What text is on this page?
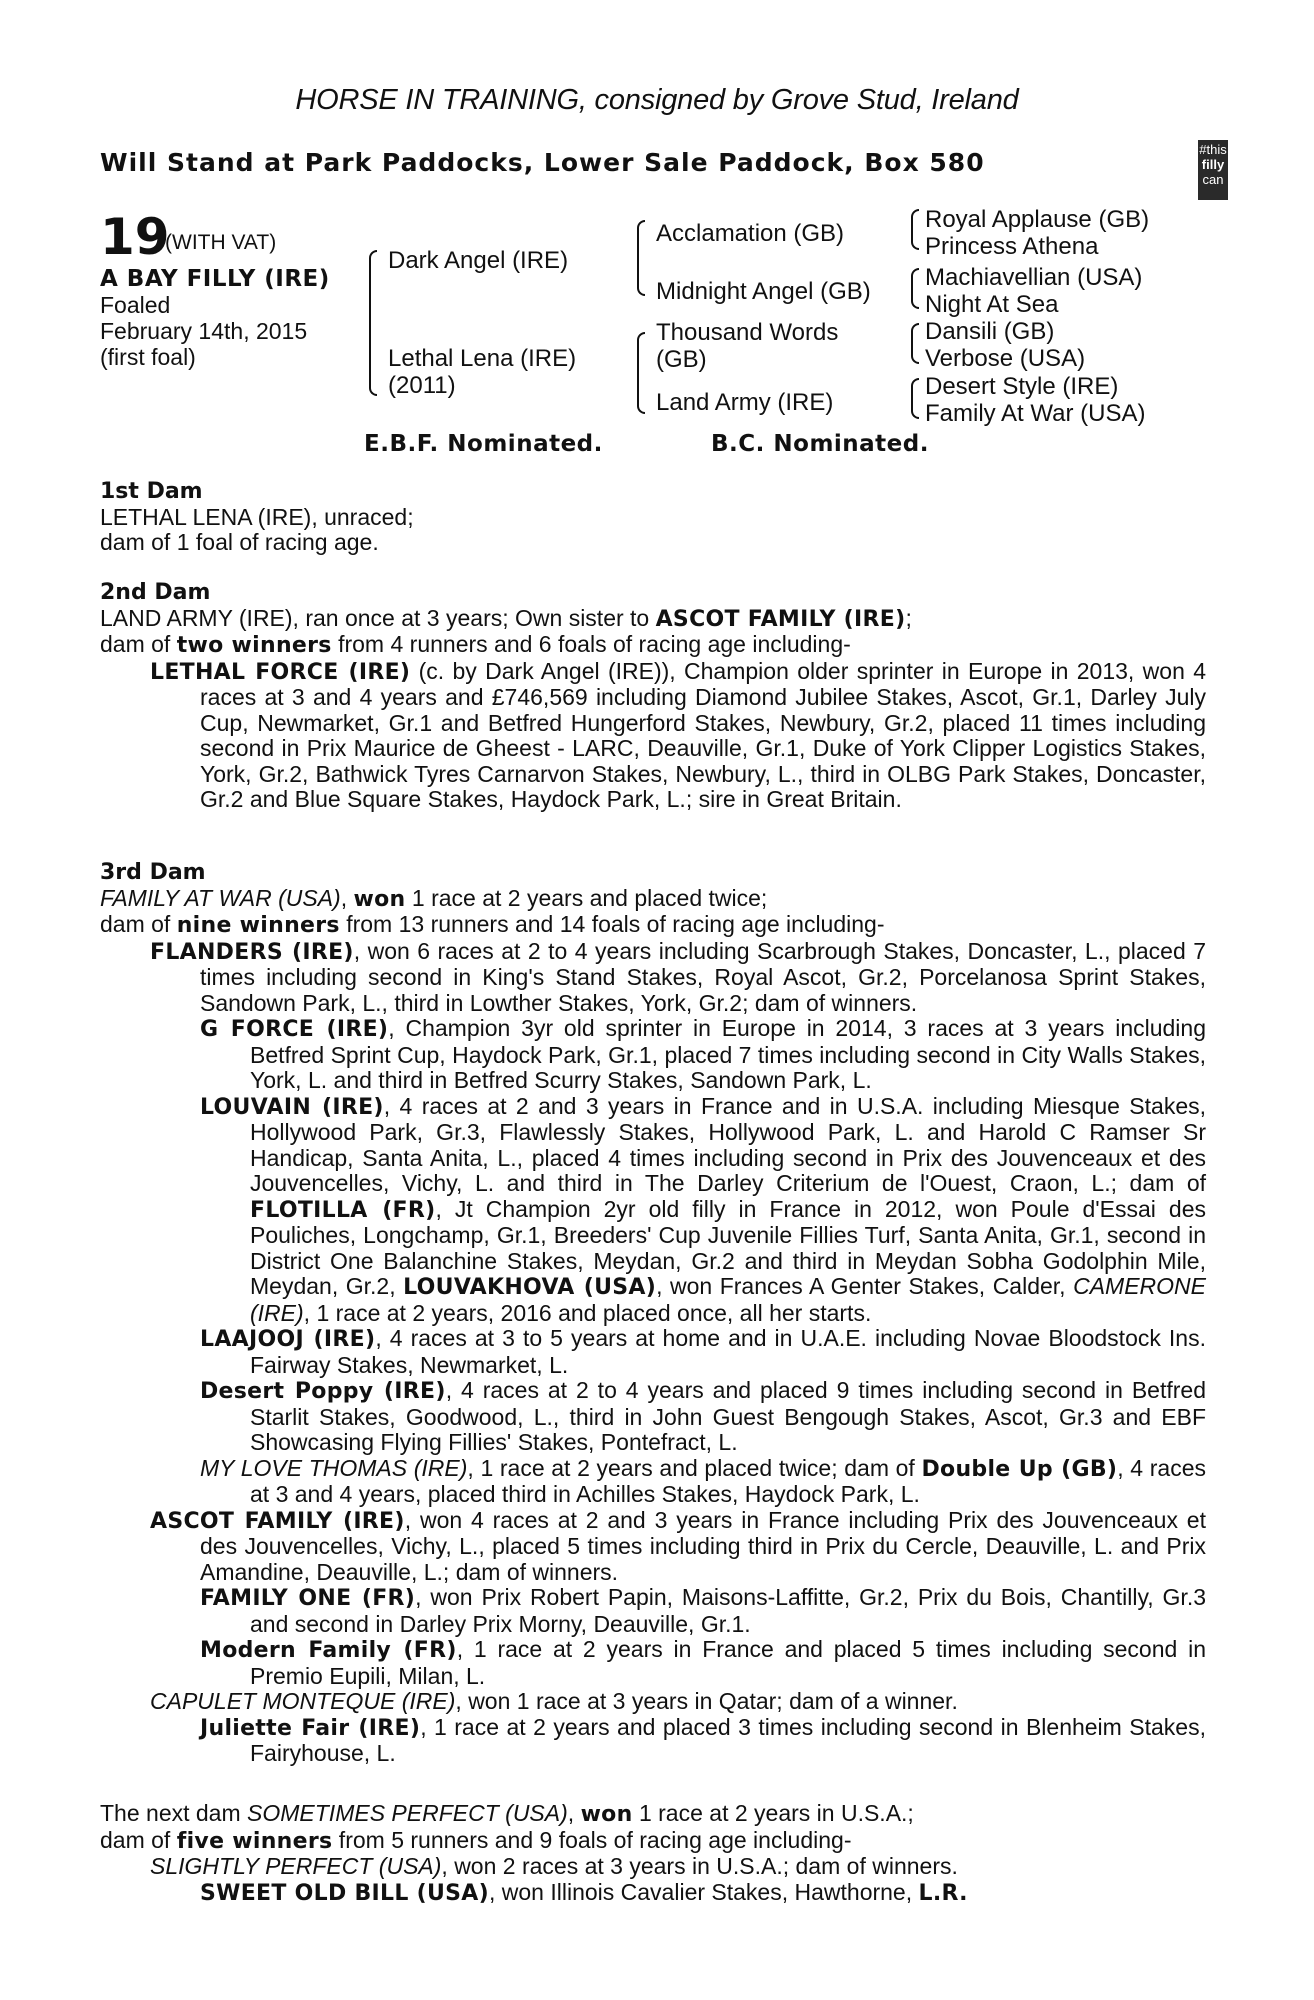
HORSE IN TRAINING, consigned by Grove Stud, Ireland
Will Stand at Park Paddocks, Lower Sale Paddock, Box 580	#this
filly
can
19
(WITH VAT)
A BAY FILLY (IRE)
Foaled
February 14th, 2015
(first foal)
Dark Angel (IRE)
Lethal Lena (IRE)
(2011)
Acclamation (GB)
Midnight Angel (GB)
Thousand Words
(GB)
Land Army (IRE)
Royal Applause (GB)
Princess Athena
Machiavellian (USA)
Night At Sea
Dansili (GB)
Verbose (USA)
Desert Style (IRE)
Family At War (USA)
E.B.F. Nominated.	B.C. Nominated.
1st Dam
LETHAL LENA (IRE), unraced;
dam of 1 foal of racing age.
2nd Dam
LAND ARMY (IRE), ran once at 3 years; Own sister to ASCOT FAMILY (IRE);
dam of two winners from 4 runners and 6 foals of racing age including-
LETHAL FORCE (IRE) (c. by Dark Angel (IRE)), Champion older sprinter in Europe in 2013, won 4 races at 3 and 4 years and £746,569 including Diamond Jubilee Stakes, Ascot, Gr.1, Darley July Cup, Newmarket, Gr.1 and Betfred Hungerford Stakes, Newbury, Gr.2, placed 11 times including second in Prix Maurice de Gheest - LARC, Deauville, Gr.1, Duke of York Clipper Logistics Stakes, York, Gr.2, Bathwick Tyres Carnarvon Stakes, Newbury, L., third in OLBG Park Stakes, Doncaster, Gr.2 and Blue Square Stakes, Haydock Park, L.; sire in Great Britain.
3rd Dam
FAMILY AT WAR (USA), won 1 race at 2 years and placed twice;
dam of nine winners from 13 runners and 14 foals of racing age including-
FLANDERS (IRE), won 6 races at 2 to 4 years including Scarbrough Stakes, Doncaster, L., placed 7 times including second in King's Stand Stakes, Royal Ascot, Gr.2, Porcelanosa Sprint Stakes, Sandown Park, L., third in Lowther Stakes, York, Gr.2; dam of winners.
G FORCE (IRE), Champion 3yr old sprinter in Europe in 2014, 3 races at 3 years including Betfred Sprint Cup, Haydock Park, Gr.1, placed 7 times including second in City Walls Stakes, York, L. and third in Betfred Scurry Stakes, Sandown Park, L.
LOUVAIN (IRE), 4 races at 2 and 3 years in France and in U.S.A. including Miesque Stakes, Hollywood Park, Gr.3, Flawlessly Stakes, Hollywood Park, L. and Harold C Ramser Sr Handicap, Santa Anita, L., placed 4 times including second in Prix des Jouvenceaux et des Jouvencelles, Vichy, L. and third in The Darley Criterium de l'Ouest, Craon, L.; dam of FLOTILLA (FR), Jt Champion 2yr old filly in France in 2012, won Poule d'Essai des Pouliches, Longchamp, Gr.1, Breeders' Cup Juvenile Fillies Turf, Santa Anita, Gr.1, second in District One Balanchine Stakes, Meydan, Gr.2 and third in Meydan Sobha Godolphin Mile, Meydan, Gr.2, LOUVAKHOVA (USA), won Frances A Genter Stakes, Calder, CAMERONE (IRE), 1 race at 2 years, 2016 and placed once, all her starts.
LAAJOOJ (IRE), 4 races at 3 to 5 years at home and in U.A.E. including Novae Bloodstock Ins. Fairway Stakes, Newmarket, L.
Desert Poppy (IRE), 4 races at 2 to 4 years and placed 9 times including second in Betfred Starlit Stakes, Goodwood, L., third in John Guest Bengough Stakes, Ascot, Gr.3 and EBF Showcasing Flying Fillies' Stakes, Pontefract, L.
MY LOVE THOMAS (IRE), 1 race at 2 years and placed twice; dam of Double Up (GB), 4 races at 3 and 4 years, placed third in Achilles Stakes, Haydock Park, L.
ASCOT FAMILY (IRE), won 4 races at 2 and 3 years in France including Prix des Jouvenceaux et des Jouvencelles, Vichy, L., placed 5 times including third in Prix du Cercle, Deauville, L. and Prix Amandine, Deauville, L.; dam of winners.
FAMILY ONE (FR), won Prix Robert Papin, Maisons-Laffitte, Gr.2, Prix du Bois, Chantilly, Gr.3 and second in Darley Prix Morny, Deauville, Gr.1.
Modern Family (FR), 1 race at 2 years in France and placed 5 times including second in Premio Eupili, Milan, L.
CAPULET MONTEQUE (IRE), won 1 race at 3 years in Qatar; dam of a winner.
Juliette Fair (IRE), 1 race at 2 years and placed 3 times including second in Blenheim Stakes, Fairyhouse, L.
The next dam SOMETIMES PERFECT (USA), won 1 race at 2 years in U.S.A.;
dam of five winners from 5 runners and 9 foals of racing age including-
SLIGHTLY PERFECT (USA), won 2 races at 3 years in U.S.A.; dam of winners.
SWEET OLD BILL (USA), won Illinois Cavalier Stakes, Hawthorne, L.R.
